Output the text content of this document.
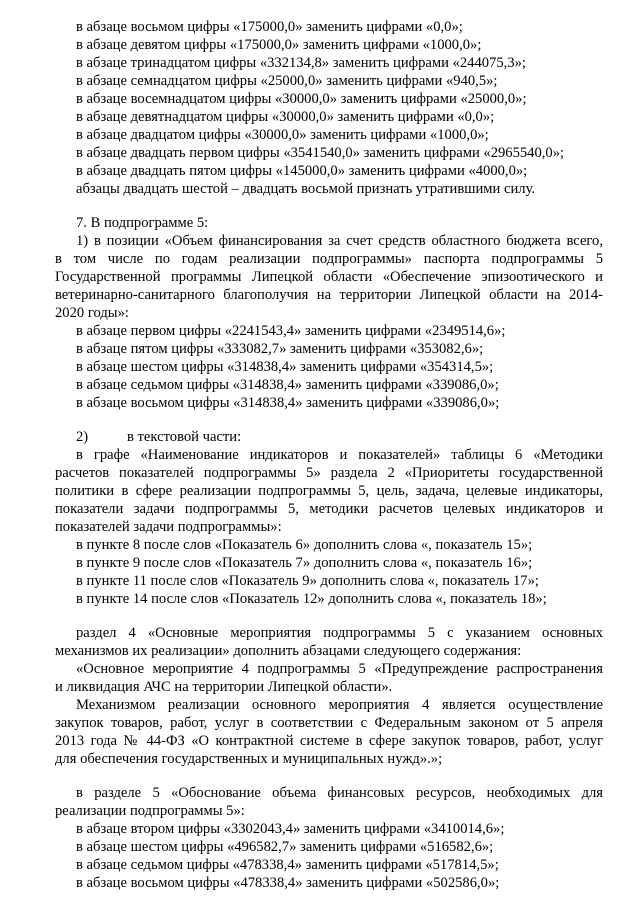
в абзаце восьмом цифры «175000,0» заменить цифрами «0,0»;
в абзаце девятом цифры «175000,0» заменить цифрами «1000,0»;
в абзаце тринадцатом цифры «332134,8» заменить цифрами «244075,3»;
в абзаце семнадцатом цифры «25000,0» заменить цифрами «940,5»;
в абзаце восемнадцатом цифры «30000,0» заменить цифрами «25000,0»;
в абзаце девятнадцатом цифры «30000,0» заменить цифрами «0,0»;
в абзаце двадцатом цифры «30000,0» заменить цифрами «1000,0»;
в абзаце двадцать первом цифры «3541540,0» заменить цифрами «2965540,0»;
в абзаце двадцать пятом цифры «145000,0» заменить цифрами «4000,0»;
абзацы двадцать шестой – двадцать восьмой признать утратившими силу.
7. В подпрограмме 5:
1) в позиции «Объем финансирования за счет средств областного бюджета всего,
в том числе по годам реализации подпрограммы» паспорта подпрограммы 5
Государственной программы Липецкой области «Обеспечение эпизоотического и
ветеринарно-санитарного благополучия на территории Липецкой области на 2014-
2020 годы»:
в абзаце первом цифры «2241543,4» заменить цифрами «2349514,6»;
в абзаце пятом цифры «333082,7» заменить цифрами «353082,6»;
в абзаце шестом цифры «314838,4» заменить цифрами «354314,5»;
в абзаце седьмом цифры «314838,4» заменить цифрами «339086,0»;
в абзаце восьмом цифры «314838,4» заменить цифрами «339086,0»;
2)	в текстовой части:
в графе «Наименование индикаторов и показателей» таблицы 6 «Методики
расчетов показателей подпрограммы 5» раздела 2 «Приоритеты государственной
политики в сфере реализации подпрограммы 5, цель, задача, целевые индикаторы,
показатели задачи подпрограммы 5, методики расчетов целевых индикаторов и
показателей задачи подпрограммы»:
в пункте 8 после слов «Показатель 6» дополнить слова «, показатель 15»;
в пункте 9 после слов «Показатель 7» дополнить слова «, показатель 16»;
в пункте 11 после слов «Показатель 9» дополнить слова «, показатель 17»;
в пункте 14 после слов «Показатель 12» дополнить слова «, показатель 18»;
раздел 4 «Основные мероприятия подпрограммы 5 с указанием основных
механизмов их реализации» дополнить абзацами следующего содержания:
«Основное мероприятие 4 подпрограммы 5 «Предупреждение распространения
и ликвидация АЧС на территории Липецкой области».
Механизмом реализации основного мероприятия 4 является осуществление
закупок товаров, работ, услуг в соответствии с Федеральным законом от 5 апреля
2013 года № 44-ФЗ «О контрактной системе в сфере закупок товаров, работ, услуг
для обеспечения государственных и муниципальных нужд».»;
в разделе 5 «Обоснование объема финансовых ресурсов, необходимых для
реализации подпрограммы 5»:
в абзаце втором цифры «3302043,4» заменить цифрами «3410014,6»;
в абзаце шестом цифры «496582,7» заменить цифрами «516582,6»;
в абзаце седьмом цифры «478338,4» заменить цифрами «517814,5»;
в абзаце восьмом цифры «478338,4» заменить цифрами «502586,0»;
